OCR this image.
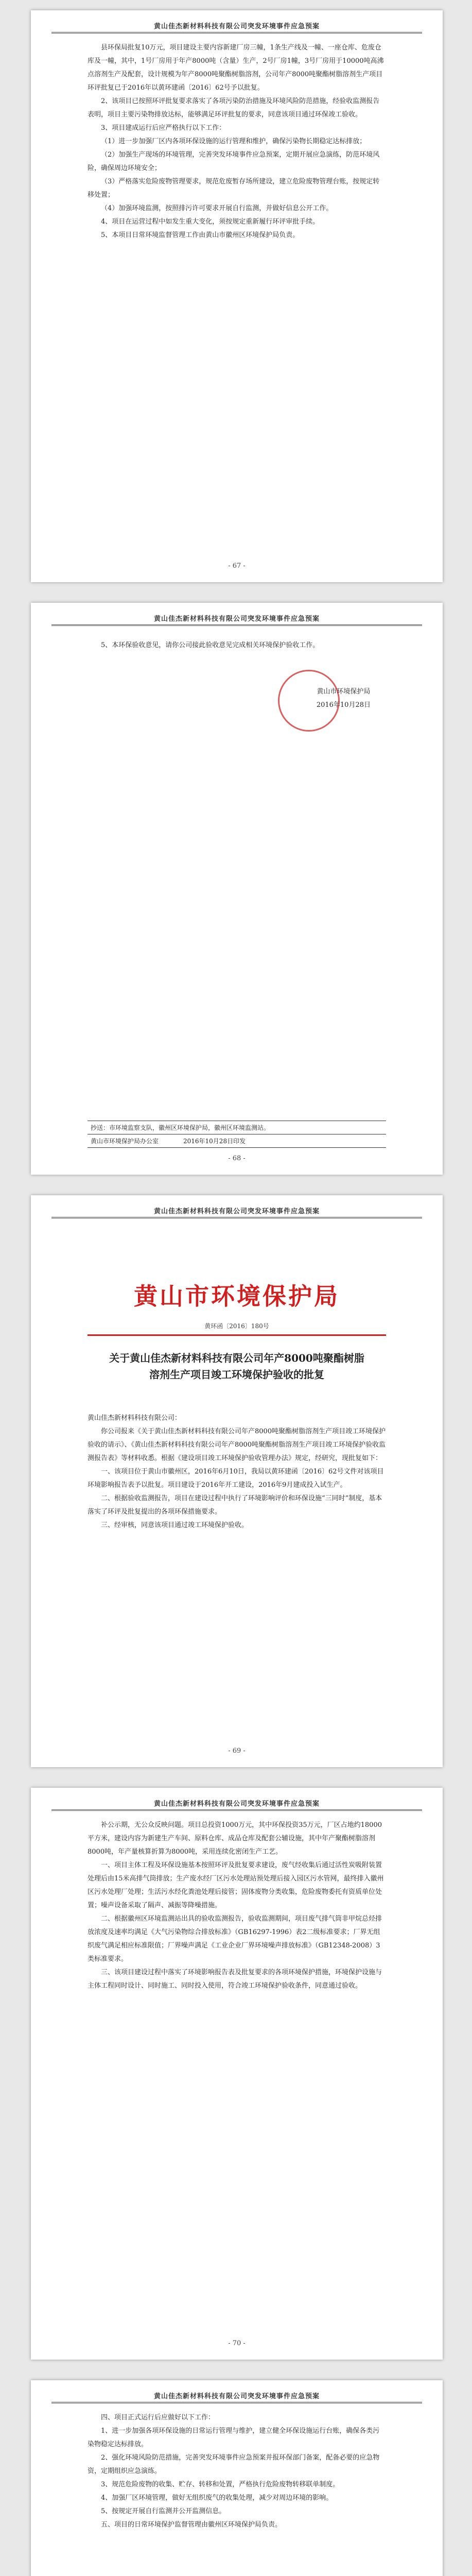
黄山佳杰新材料科技有限公司突发环境事件应急预案

县环保局批复10万元，项目建设主要内容新建厂房三幢，1条生产线及一幢、一座仓库、危废仓库及一幢，其中，1号厂房用于年产8000吨（含量）生产，2号厂房1幢，3号厂房用于10000吨高沸点溶剂生产及配套，设计规模为年产8000吨聚酯树脂溶剂，公司年产8000吨聚酯树脂溶剂生产项目环评批复已于2016年以黄环建函〔2016〕62号予以批复。

2、该项目已按照环评批复要求落实了各项污染防治措施及环境风险防范措施，经验收监测报告表明，项目主要污染物排放达标，能够满足环评批复的要求，同意该项目通过环保竣工验收。

3、项目建成运行后应严格执行以下工作：

（1）进一步加强厂区内各项环保设施的运行管理和维护，确保污染物长期稳定达标排放；

（2）加强生产现场的环境管理，完善突发环境事件应急预案，定期开展应急演练，防范环境风险，确保周边环境安全；

（3）严格落实危险废物管理要求，规范危废暂存场所建设，建立危险废物管理台账，按规定转移处置；

（4）加强环境监测，按照排污许可要求开展自行监测，并做好信息公开工作。

4、项目在运营过程中如发生重大变化，须按规定重新履行环评审批手续。

5、本项目日常环境监督管理工作由黄山市徽州区环境保护局负责。

- 67 -
黄山佳杰新材料科技有限公司突发环境事件应急预案

5、本环保验收意见，请你公司接此验收意见完成相关环境保护验收工作。

黄山市环境保护局
2016年10月28日
抄送：市环境监察支队，徽州区环境保护局，徽州区环境监测站。
黄山市环境保护局办公室　　　　2016年10月28日印发
- 68 -
黄山佳杰新材料科技有限公司突发环境事件应急预案
黄山市环境保护局
黄环函〔2016〕180号
关于黄山佳杰新材料科技有限公司年产8000吨聚酯树脂溶剂生产项目竣工环境保护验收的批复

黄山佳杰新材料科技有限公司：

你公司报来《关于黄山佳杰新材料科技有限公司年产8000吨聚酯树脂溶剂生产项目竣工环境保护验收的请示》、《黄山佳杰新材料科技有限公司年产8000吨聚酯树脂溶剂生产项目竣工环境保护验收监测报告表》等材料收悉。根据《建设项目竣工环境保护验收管理办法》规定，经研究，现批复如下：

一、该项目位于黄山市徽州区，2016年6月10日，我局以黄环建函〔2016〕62号文件对该项目环境影响报告表予以批复。项目建设于2016年开工建设，2016年9月建成投入试生产。

二、根据验收监测报告，项目在建设过程中执行了环境影响评价和环保设施“三同时”制度，基本落实了环评及批复提出的各项环保措施要求。

三、经审核，同意该项目通过竣工环境保护验收。

- 69 -
黄山佳杰新材料科技有限公司突发环境事件应急预案

补公示期，无公众反映问题。项目总投资1000万元，其中环保投资35万元，厂区占地约18000平方米，建设内容为新建生产车间、原料仓库、成品仓库及配套公辅设施，其中年产聚酯树脂溶剂8000吨，年产量核算折算为8000吨，采用连续化密闭生产工艺。

一、项目主体工程及环保设施基本按照环评及批复要求建设，废气经收集后通过活性炭吸附装置处理后由15米高排气筒排放；生产废水经厂区污水处理站预处理后接入园区污水管网，最终排入徽州区污水处理厂处理；生活污水经化粪池处理后接管；固体废物分类收集，危险废物委托有资质单位处置；噪声设备采取了隔声、减振等降噪措施。

二、根据徽州区环境监测站出具的验收监测报告，验收监测期间，项目废气排气筒非甲烷总烃排放浓度及速率均满足《大气污染物综合排放标准》（GB16297-1996）表2二级标准要求；厂界无组织废气满足相应标准限值；厂界噪声满足《工业企业厂界环境噪声排放标准》（GB12348-2008）3类标准要求。

三、该项目建设过程中落实了环境影响报告表及批复要求的各项环境保护措施，环境保护设施与主体工程同时设计、同时施工、同时投入使用，符合竣工环境保护验收条件，同意通过验收。

- 70 -
黄山佳杰新材料科技有限公司突发环境事件应急预案

四、项目正式运行后应做好以下工作：

1、进一步加强各项环保设施的日常运行管理与维护，建立健全环保设施运行台账，确保各类污染物稳定达标排放。

2、强化环境风险防范措施，完善突发环境事件应急预案并报环保部门备案，配备必要的应急物资，定期组织应急演练。

3、规范危险废物的收集、贮存、转移和处置，严格执行危险废物转移联单制度。

4、加强厂区环境管理，做好无组织废气的收集处理，减少对周边环境的影响。

5、按规定开展自行监测并公开监测信息。

五、项目的日常环境保护监督管理由徽州区环境保护局负责。
